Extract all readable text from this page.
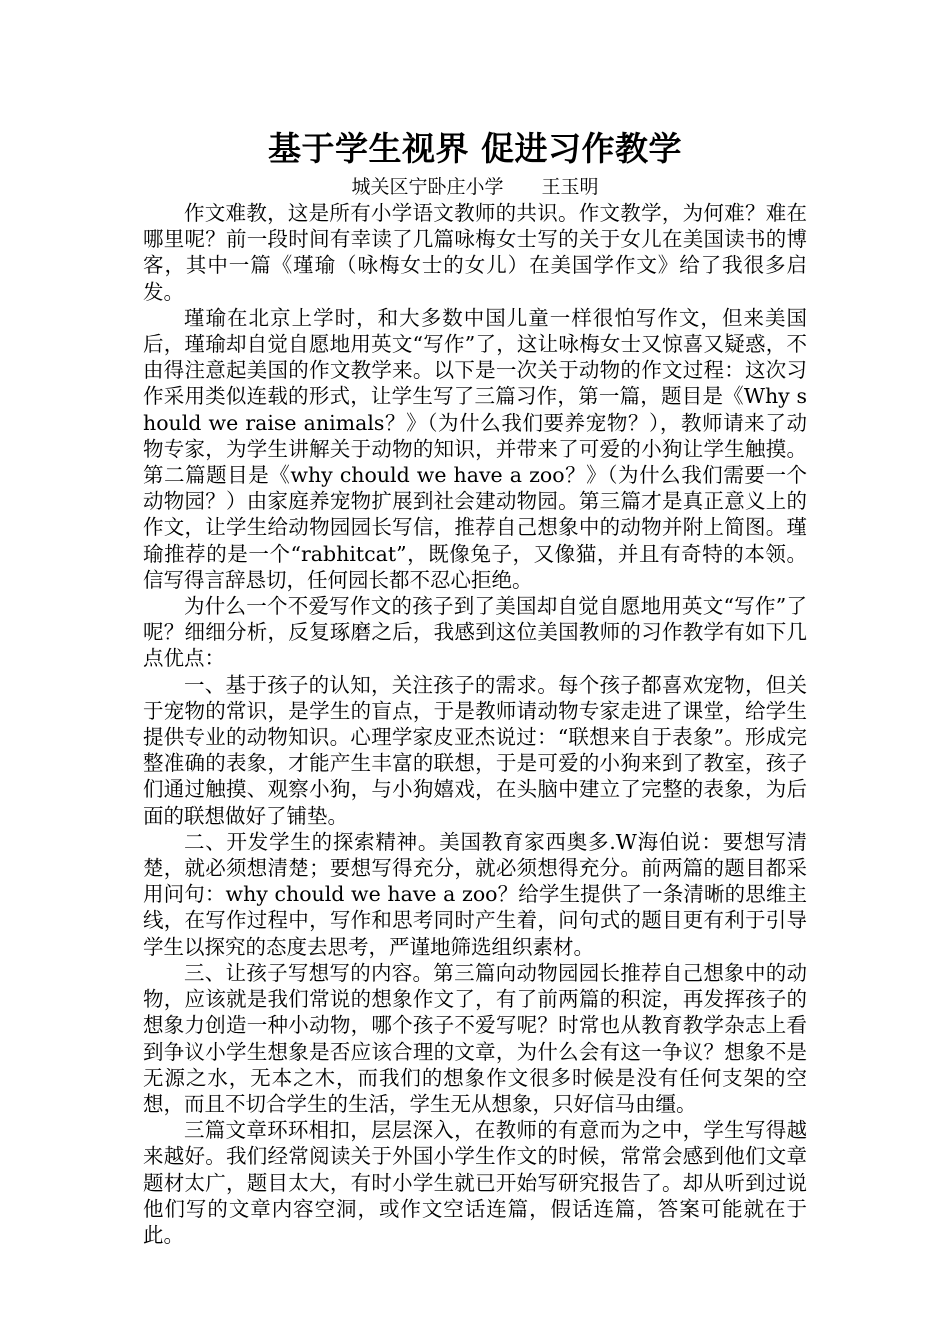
基于学生视界 促进习作教学
城关区宁卧庄小学 王玉明

作文难教，这是所有小学语文教师的共识。作文教学，为何难？难在哪里呢？前一段时间有幸读了几篇咏梅女士写的关于女儿在美国读书的博客，其中一篇《瑾瑜（咏梅女士的女儿）在美国学作文》给了我很多启发。

瑾瑜在北京上学时，和大多数中国儿童一样很怕写作文，但来美国后，瑾瑜却自觉自愿地用英文“写作”了，这让咏梅女士又惊喜又疑惑，不由得注意起美国的作文教学来。以下是一次关于动物的作文过程：这次习作采用类似连载的形式，让学生写了三篇习作，第一篇，题目是《Why should we raise animals？》（为什么我们要养宠物？），教师请来了动物专家，为学生讲解关于动物的知识，并带来了可爱的小狗让学生触摸。第二篇题目是《why chould we have a zoo？》（为什么我们需要一个动物园？）由家庭养宠物扩展到社会建动物园。第三篇才是真正意义上的作文，让学生给动物园园长写信，推荐自己想象中的动物并附上简图。瑾瑜推荐的是一个“rabhitcat”，既像兔子，又像猫，并且有奇特的本领。信写得言辞恳切，任何园长都不忍心拒绝。

为什么一个不爱写作文的孩子到了美国却自觉自愿地用英文“写作”了呢？细细分析，反复琢磨之后，我感到这位美国教师的习作教学有如下几点优点：

一、基于孩子的认知，关注孩子的需求。每个孩子都喜欢宠物，但关于宠物的常识，是学生的盲点，于是教师请动物专家走进了课堂，给学生提供专业的动物知识。心理学家皮亚杰说过：“联想来自于表象”。形成完整准确的表象，才能产生丰富的联想，于是可爱的小狗来到了教室，孩子们通过触摸、观察小狗，与小狗嬉戏，在头脑中建立了完整的表象，为后面的联想做好了铺垫。

二、开发学生的探索精神。美国教育家西奥多.W海伯说：要想写清楚，就必须想清楚；要想写得充分，就必须想得充分。前两篇的题目都采用问句：why chould we have a zoo？给学生提供了一条清晰的思维主线，在写作过程中，写作和思考同时产生着，问句式的题目更有利于引导学生以探究的态度去思考，严谨地筛选组织素材。

三、让孩子写想写的内容。第三篇向动物园园长推荐自己想象中的动物，应该就是我们常说的想象作文了，有了前两篇的积淀，再发挥孩子的想象力创造一种小动物，哪个孩子不爱写呢？时常也从教育教学杂志上看到争议小学生想象是否应该合理的文章，为什么会有这一争议？想象不是无源之水，无本之木，而我们的想象作文很多时候是没有任何支架的空想，而且不切合学生的生活，学生无从想象，只好信马由缰。

三篇文章环环相扣，层层深入，在教师的有意而为之中，学生写得越来越好。我们经常阅读关于外国小学生作文的时候，常常会感到他们文章题材太广，题目太大，有时小学生就已开始写研究报告了。却从听到过说他们写的文章内容空洞，或作文空话连篇，假话连篇，答案可能就在于此。
